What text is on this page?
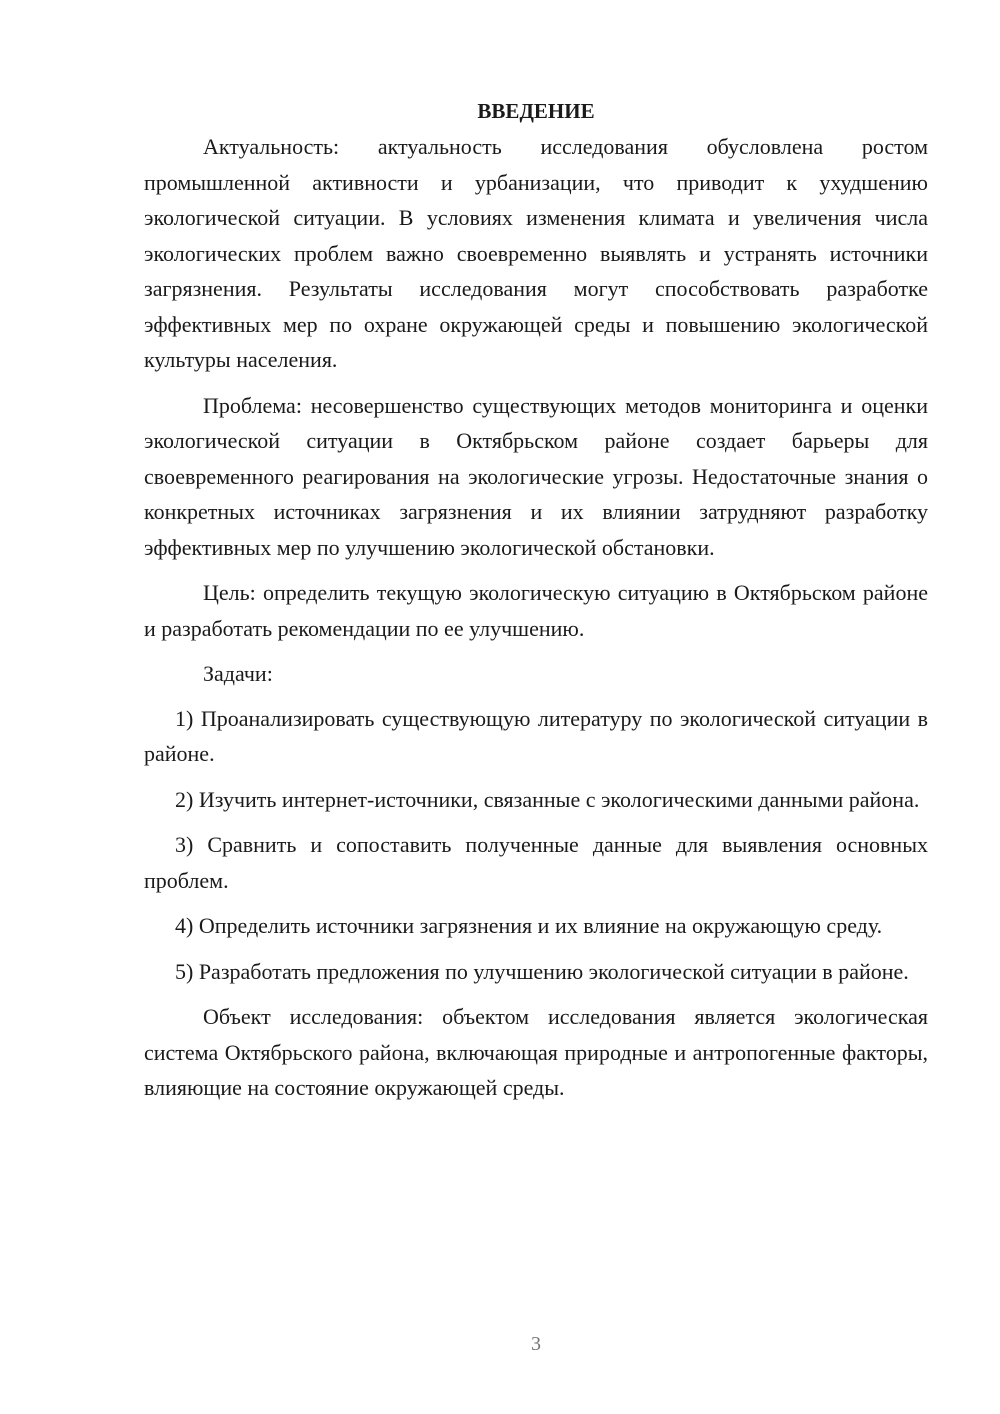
ВВЕДЕНИЕ

Актуальность: актуальность исследования обусловлена ростом промышленной активности и урбанизации, что приводит к ухудшению экологической ситуации. В условиях изменения климата и увеличения числа экологических проблем важно своевременно выявлять и устранять источники загрязнения. Результаты исследования могут способствовать разработке эффективных мер по охране окружающей среды и повышению экологической культуры населения.

Проблема: несовершенство существующих методов мониторинга и оценки экологической ситуации в Октябрьском районе создает барьеры для своевременного реагирования на экологические угрозы. Недостаточные знания о конкретных источниках загрязнения и их влиянии затрудняют разработку эффективных мер по улучшению экологической обстановки.

Цель: определить текущую экологическую ситуацию в Октябрьском районе и разработать рекомендации по ее улучшению.

Задачи:

1) Проанализировать существующую литературу по экологической ситуации в районе.

2) Изучить интернет-источники, связанные с экологическими данными района.

3) Сравнить и сопоставить полученные данные для выявления основных проблем.

4) Определить источники загрязнения и их влияние на окружающую среду.

5) Разработать предложения по улучшению экологической ситуации в районе.

Объект исследования: объектом исследования является экологическая система Октябрьского района, включающая природные и антропогенные факторы, влияющие на состояние окружающей среды.

3
